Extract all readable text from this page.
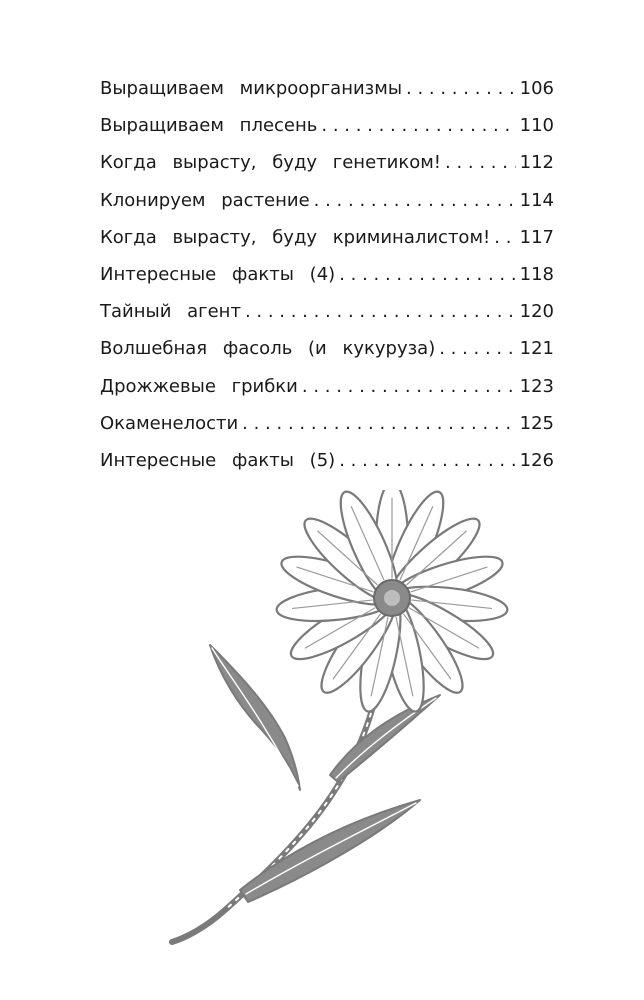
Выращиваем микроорганизмы . . .	106
Выращиваем плесень . . .	110
Когда вырасту, буду генетиком! . . .	112
Клонируем растение . . .	114
Когда вырасту, буду криминалистом! . . . 117
Интересные факты (4) . . .	118
Тайный агент . . .	120
Волшебная фасоль (и кукуруза) . . .	121
Дрожжевые грибки . . .	123
Окаменелости . . .	125
Интересные факты (5) . . .	126
